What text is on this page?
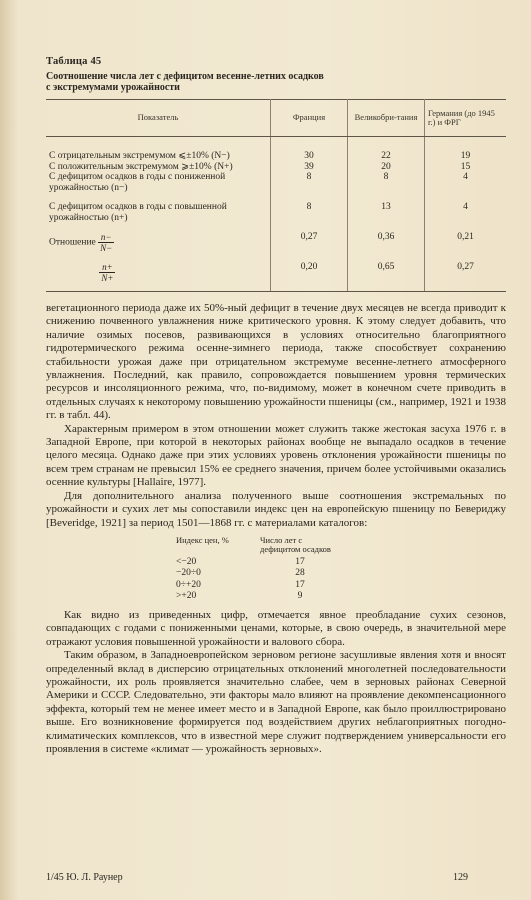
Таблица 45
Соотношение числа лет с дефицитом весенне-летних осадков
с экстремумами урожайности
Показатель	Франция	Великобри-тания	Германия (до 1945 г.) и ФРГ
С отрицательным экстремумом ⩽±10% (N−)	30	22	19
С положительным экстремумом ⩾±10% (N+)	39	20	15
С дефицитом осадков в годы с пониженной урожайностью (n−)	8	8	4
С дефицитом осадков в годы с повышенной урожайностью (n+)	8	13	4
Отношение $\frac{n-}{N-}$	0,27	0,36	0,21

$\frac{n+}{N+}$	0,20	0,65	0,27

вегетационного периода даже их 50%-ный дефицит в течение двух месяцев не всегда приводит к снижению почвенного увлажнения ниже критического уровня. К этому следует добавить, что наличие озимых посевов, развивающихся в условиях относительно благоприятного гидротермического режима осенне-зимнего периода, также способствует сохранению стабильности урожая даже при отрицательном экстремуме весенне-летнего атмосферного увлажнения. Последний, как правило, сопровождается повышением уровня термических ресурсов и инсоляционного режима, что, по-видимому, может в конечном счете приводить в отдельных случаях к некоторому повышению урожайности пшеницы (см., например, 1921 и 1938 гг. в табл. 44).

Характерным примером в этом отношении может служить также жестокая засуха 1976 г. в Западной Европе, при которой в некоторых районах вообще не выпадало осадков в течение целого месяца. Однако даже при этих условиях уровень отклонения урожайности пшеницы по всем трем странам не превысил 15% ее среднего значения, причем более устойчивыми оказались осенние культуры [Hallaire, 1977].

Для дополнительного анализа полученного выше соотношения экстремальных по урожайности и сухих лет мы сопоставили индекс цен на европейскую пшеницу по Бевериджу [Beveridge, 1921] за период 1501—1868 гг. с материалами каталогов:

Индекс цен, %	Число лет с дефицитом осадков
<−20	17
−20÷0	28
0÷+20	17
>+20	9

Как видно из приведенных цифр, отмечается явное преобладание сухих сезонов, совпадающих с годами с пониженными ценами, которые, в свою очередь, в значительной мере отражают условия повышенной урожайности и валового сбора.

Таким образом, в Западноевропейском зерновом регионе засушливые явления хотя и вносят определенный вклад в дисперсию отрицательных отклонений многолетней последовательности урожайности, их роль проявляется значительно слабее, чем в зерновых районах Северной Америки и СССР. Следовательно, эти факторы мало влияют на проявление декомпенсационного эффекта, который тем не менее имеет место и в Западной Европе, как было проиллюстрировано выше. Его возникновение формируется под воздействием других неблагоприятных погодно-климатических комплексов, что в известной мере служит подтверждением универсальности его проявления в системе «климат — урожайность зерновых».

1/45 Ю. Л. Раунер	129
